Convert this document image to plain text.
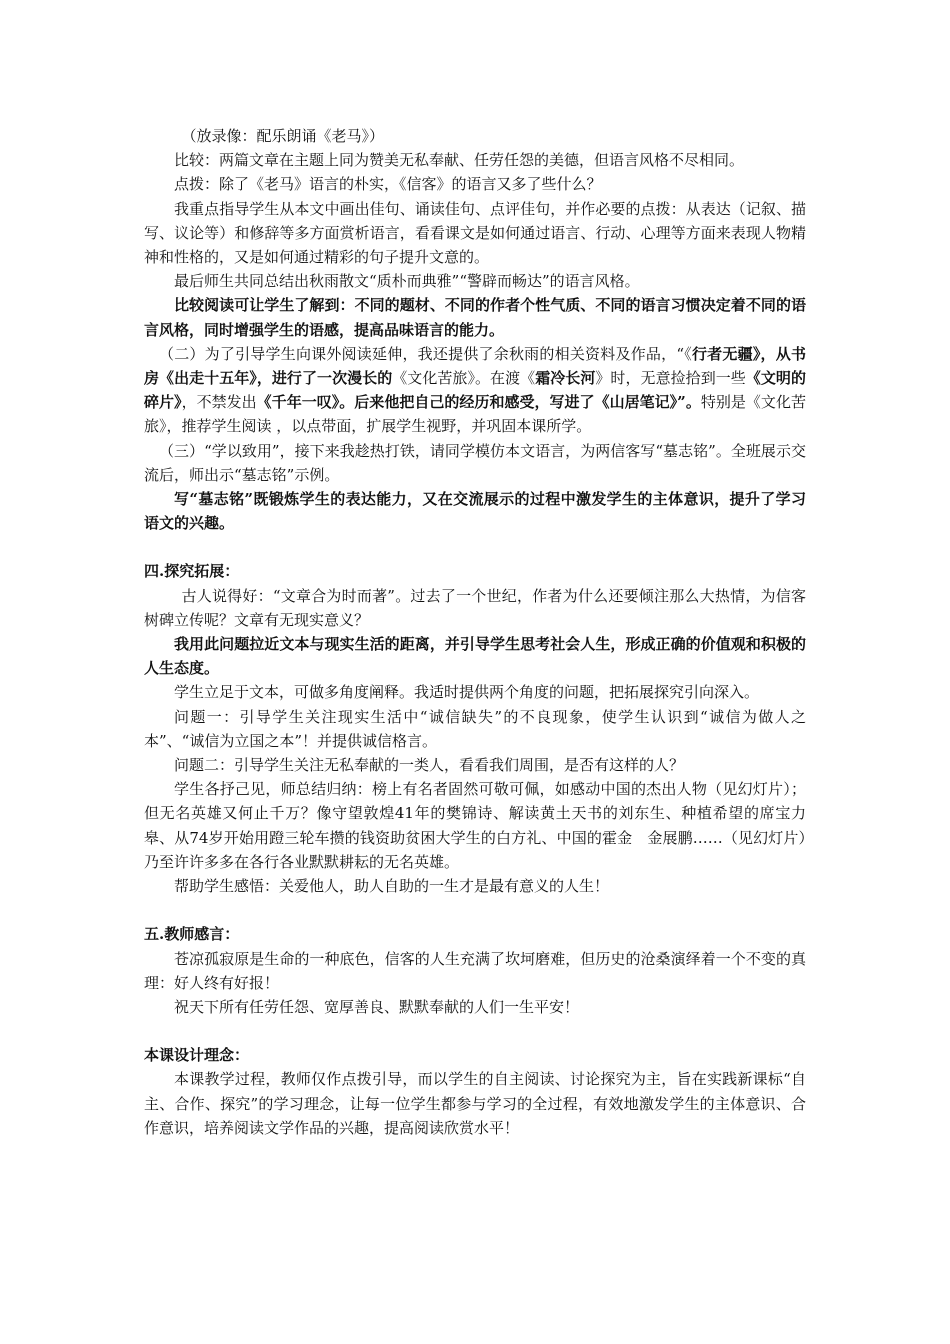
（放录像：配乐朗诵《老马》）

比较：两篇文章在主题上同为赞美无私奉献、任劳任怨的美德，但语言风格不尽相同。

点拨：除了《老马》语言的朴实，《信客》的语言又多了些什么？

我重点指导学生从本文中画出佳句、诵读佳句、点评佳句，并作必要的点拨：从表达（记叙、描写、议论等）和修辞等多方面赏析语言，看看课文是如何通过语言、行动、心理等方面来表现人物精神和性格的，又是如何通过精彩的句子提升文意的。

最后师生共同总结出秋雨散文“质朴而典雅”“警辟而畅达”的语言风格。

比较阅读可让学生了解到：不同的题材、不同的作者个性气质、不同的语言习惯决定着不同的语言风格，同时增强学生的语感，提高品味语言的能力。

（二）为了引导学生向课外阅读延伸，我还提供了余秋雨的相关资料及作品，“《行者无疆》，从书房《出走十五年》，进行了一次漫长的《文化苦旅》。在渡《霜冷长河》时，无意捡拾到一些《文明的碎片》，不禁发出《千年一叹》。后来他把自己的经历和感受，写进了《山居笔记》”。特别是《文化苦旅》，推荐学生阅读 ，以点带面，扩展学生视野，并巩固本课所学。

（三）“学以致用”，接下来我趁热打铁，请同学模仿本文语言，为两信客写“墓志铭”。全班展示交流后，师出示“墓志铭”示例。

写“墓志铭”既锻炼学生的表达能力，又在交流展示的过程中激发学生的主体意识，提升了学习语文的兴趣。

四.探究拓展：

古人说得好：“文章合为时而著”。过去了一个世纪，作者为什么还要倾注那么大热情，为信客树碑立传呢？文章有无现实意义？

我用此问题拉近文本与现实生活的距离，并引导学生思考社会人生，形成正确的价值观和积极的人生态度。

学生立足于文本，可做多角度阐释。我适时提供两个角度的问题，把拓展探究引向深入。

问题一：引导学生关注现实生活中“诚信缺失”的不良现象，使学生认识到“诚信为做人之本”、“诚信为立国之本”！并提供诚信格言。

问题二：引导学生关注无私奉献的一类人，看看我们周围，是否有这样的人？

学生各抒己见，师总结归纳：榜上有名者固然可敬可佩，如感动中国的杰出人物（见幻灯片）；但无名英雄又何止千万？像守望敦煌41年的樊锦诗、解读黄土天书的刘东生、种植希望的席宝力皋、从74岁开始用蹬三轮车攒的钱资助贫困大学生的白方礼、中国的霍金　金展鹏……（见幻灯片）乃至许许多多在各行各业默默耕耘的无名英雄。

帮助学生感悟：关爱他人，助人自助的一生才是最有意义的人生！

五.教师感言：

苍凉孤寂原是生命的一种底色，信客的人生充满了坎坷磨难，但历史的沧桑演绎着一个不变的真理：好人终有好报！

祝天下所有任劳任怨、宽厚善良、默默奉献的人们一生平安！

本课设计理念：

本课教学过程，教师仅作点拨引导，而以学生的自主阅读、讨论探究为主，旨在实践新课标“自主、合作、探究”的学习理念，让每一位学生都参与学习的全过程，有效地激发学生的主体意识、合作意识，培养阅读文学作品的兴趣，提高阅读欣赏水平！
